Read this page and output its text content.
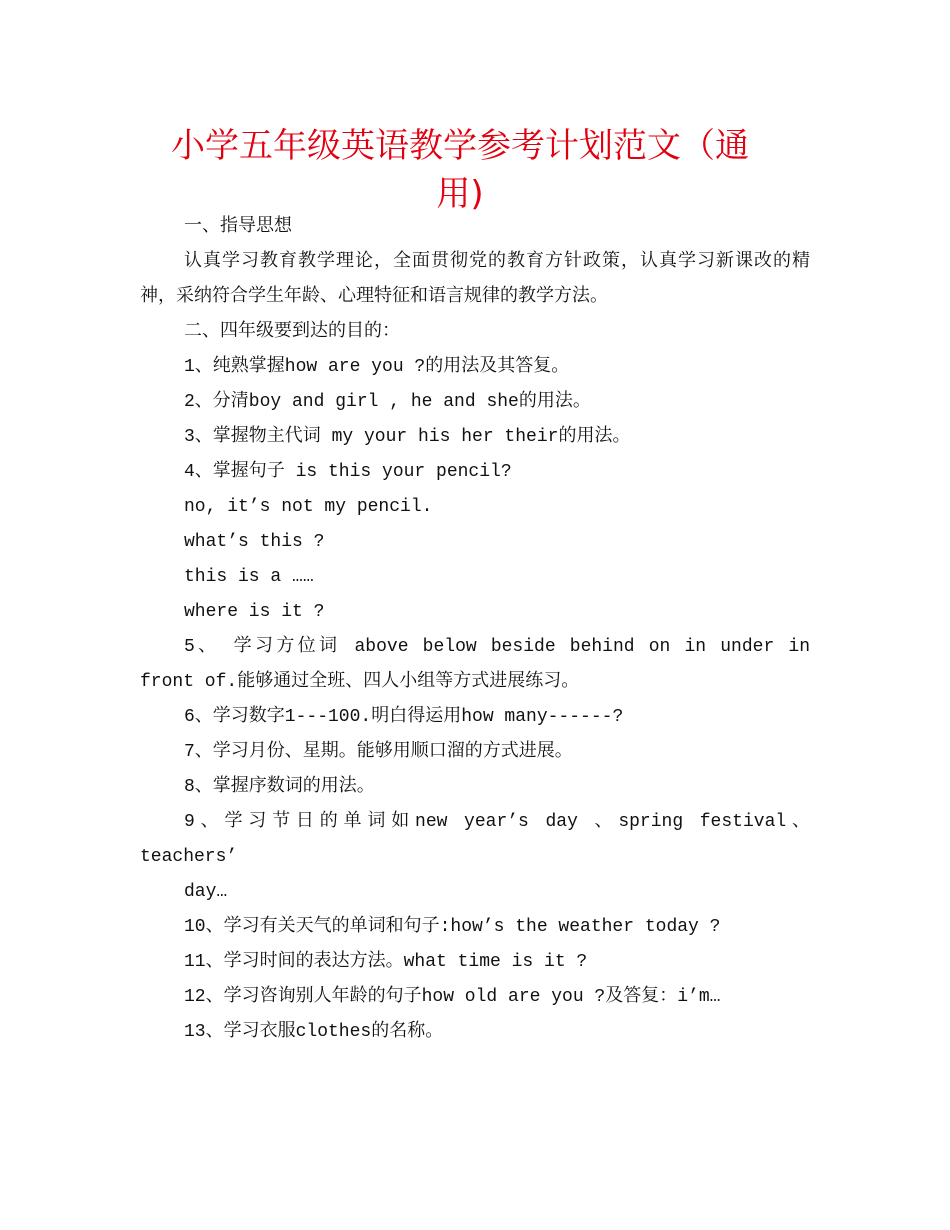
小学五年级英语教学参考计划范文（通用)

一、指导思想

认真学习教育教学理论，全面贯彻党的教育方针政策，认真学习新课改的精神，采纳符合学生年龄、心理特征和语言规律的教学方法。

二、四年级要到达的目的：

1、纯熟掌握how are you ?的用法及其答复。

2、分清boy and girl , he and she的用法。

3、掌握物主代词 my your his her their的用法。

4、掌握句子 is this your pencil?

no, it’s not my pencil.

what’s this ?

this is a ……

where is it ?

5、 学习方位词 above below beside behind on in under in front of.能够通过全班、四人小组等方式进展练习。

6、学习数字1---100.明白得运用how many------?

7、学习月份、星期。能够用顺口溜的方式进展。

8、掌握序数词的用法。

9、学习节日的单词如new year’s day 、spring festival、teachers’

day…

10、学习有关天气的单词和句子:how’s the weather today ?

11、学习时间的表达方法。what time is it ?

12、学习咨询别人年龄的句子how old are you ?及答复：i’m…

13、学习衣服clothes的名称。
